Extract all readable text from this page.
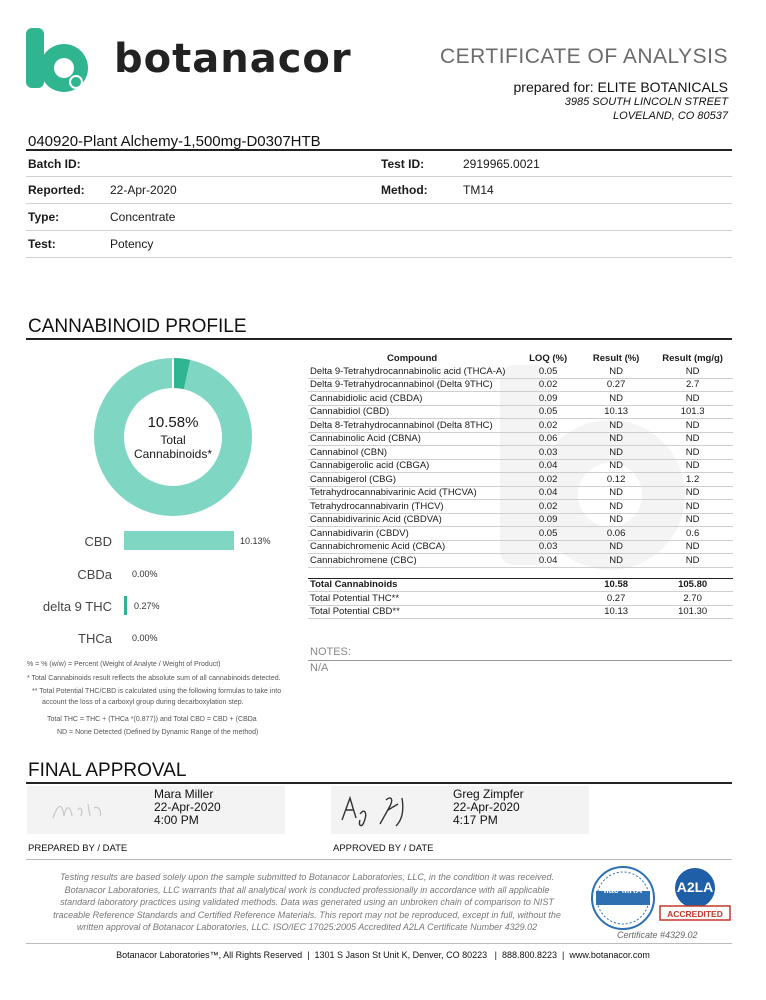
botanacor	CERTIFICATE OF ANALYSIS
prepared for: ELITE BOTANICALS
3985 SOUTH LINCOLN STREET
LOVELAND, CO 80537
040920-Plant Alchemy-1,500mg-D0307HTB
Batch ID:	Test ID:	2919965.0021
Reported: 22-Apr-2020	Method:	TM14
Type:	Concentrate
Test:	Potency
CANNABINOID PROFILE
10.58%
Total
Cannabinoids*
CBD	10.13%
CBDa 0.00%
delta 9 THC 0.27%
THCa 0.00%
% = % (w/w) = Percent (Weight of Analyte / Weight of Product)
* Total Cannabinoids result reflects the absolute sum of all cannabinoids detected.
** Total Potential THC/CBD is calculated using the following formulas to take into
account the loss of a carboxyl group during decarboxylation step.
Total THC = THC + (THCa *(0.877)) and Total CBD = CBD + (CBDa
ND = None Detected (Defined by Dynamic Range of the method)
Compound	LOQ (%)	Result (%)	Result (mg/g)
Delta 9-Tetrahydrocannabinolic acid (THCA-A)	0.05	ND	ND
Delta 9-Tetrahydrocannabinol (Delta 9THC)	0.02	0.27	2.7
Cannabidiolic acid (CBDA)	0.09	ND	ND
Cannabidiol (CBD)	0.05	10.13	101.3
Delta 8-Tetrahydrocannabinol (Delta 8THC)	0.02	ND	ND
Cannabinolic Acid (CBNA)	0.06	ND	ND
Cannabinol (CBN)	0.03	ND	ND
Cannabigerolic acid (CBGA)	0.04	ND	ND
Cannabigerol (CBG)	0.02	0.12	1.2
Tetrahydrocannabivarinic Acid (THCVA)	0.04	ND	ND
Tetrahydrocannabivarin (THCV)	0.02	ND	ND
Cannabidivarinic Acid (CBDVA)	0.09	ND	ND
Cannabidivarin (CBDV)	0.05	0.06	0.6
Cannabichromenic Acid (CBCA)	0.03	ND	ND
Cannabichromene (CBC)	0.04	ND	ND

Total Cannabinoids		10.58	105.80
Total Potential THC**		0.27	2.70
Total Potential CBD**		10.13	101.30
NOTES:
N/A
FINAL APPROVAL
Mara Miller
22-Apr-2020
4:00 PM
PREPARED BY / DATE
Greg Zimpfer
22-Apr-2020
4:17 PM
APPROVED BY / DATE
Testing results are based solely upon the sample submitted to Botanacor Laboratories, LLC, in the condition it was received.
Botanacor Laboratories, LLC warrants that all analytical work is conducted professionally in accordance with all applicable
standard laboratory practices using validated methods. Data was generated using an unbroken chain of comparison to NIST
traceable Reference Standards and Certified Reference Materials. This report may not be reproduced, except in full, without the
written approval of Botanacor Laboratories, LLC. ISO/IEC 17025:2005 Accredited A2LA Certificate Number 4329.02
ilac-MRA	A2LA
ACCREDITED
Certificate #4329.02
Botanacor Laboratories™, All Rights Reserved  |  1301 S Jason St Unit K, Denver, CO 80223   |  888.800.8223  |  www.botanacor.com
